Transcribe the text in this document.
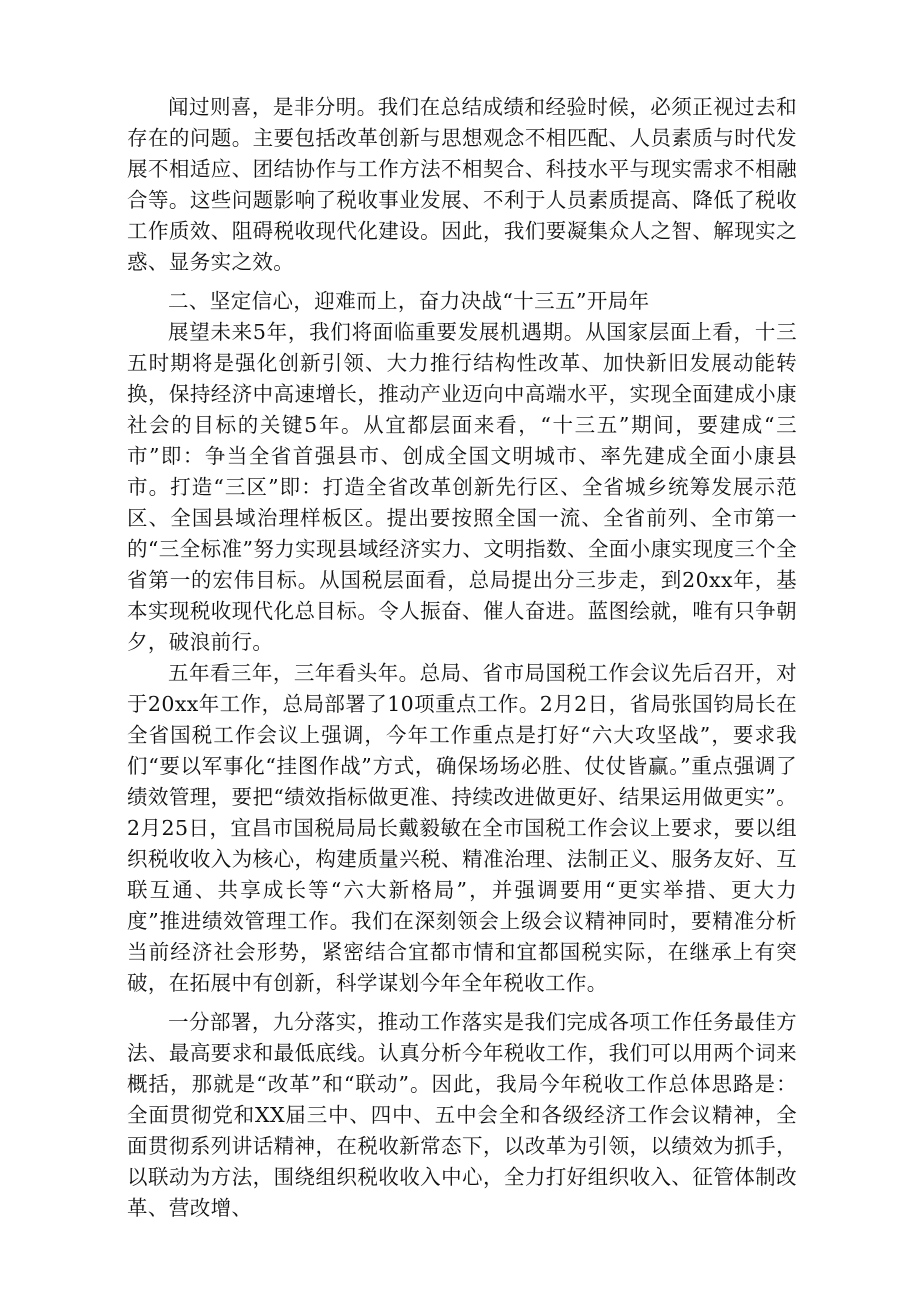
闻过则喜，是非分明。我们在总结成绩和经验时候，必须正视过去和存在的问题。主要包括改革创新与思想观念不相匹配、人员素质与时代发展不相适应、团结协作与工作方法不相契合、科技水平与现实需求不相融合等。这些问题影响了税收事业发展、不利于人员素质提高、降低了税收工作质效、阻碍税收现代化建设。因此，我们要凝集众人之智、解现实之惑、显务实之效。

二、坚定信心，迎难而上，奋力决战“十三五”开局年

展望未来5年，我们将面临重要发展机遇期。从国家层面上看，十三五时期将是强化创新引领、大力推行结构性改革、加快新旧发展动能转换，保持经济中高速增长，推动产业迈向中高端水平，实现全面建成小康社会的目标的关键5年。从宜都层面来看，“十三五”期间，要建成“三市”即：争当全省首强县市、创成全国文明城市、率先建成全面小康县市。打造“三区”即：打造全省改革创新先行区、全省城乡统筹发展示范区、全国县域治理样板区。提出要按照全国一流、全省前列、全市第一的“三全标准”努力实现县域经济实力、文明指数、全面小康实现度三个全省第一的宏伟目标。从国税层面看，总局提出分三步走，到20xx年，基本实现税收现代化总目标。令人振奋、催人奋进。蓝图绘就，唯有只争朝夕，破浪前行。

五年看三年，三年看头年。总局、省市局国税工作会议先后召开，对于20xx年工作，总局部署了10项重点工作。2月2日，省局张国钧局长在全省国税工作会议上强调，今年工作重点是打好“六大攻坚战”，要求我们“要以军事化“挂图作战”方式，确保场场必胜、仗仗皆赢。”重点强调了绩效管理，要把“绩效指标做更准、持续改进做更好、结果运用做更实”。2月25日，宜昌市国税局局长戴毅敏在全市国税工作会议上要求，要以组织税收收入为核心，构建质量兴税、精准治理、法制正义、服务友好、互联互通、共享成长等“六大新格局”，并强调要用“更实举措、更大力度”推进绩效管理工作。我们在深刻领会上级会议精神同时，要精准分析当前经济社会形势，紧密结合宜都市情和宜都国税实际，在继承上有突破，在拓展中有创新，科学谋划今年全年税收工作。

一分部署，九分落实，推动工作落实是我们完成各项工作任务最佳方法、最高要求和最低底线。认真分析今年税收工作，我们可以用两个词来概括，那就是“改革”和“联动”。因此，我局今年税收工作总体思路是：全面贯彻党和XX届三中、四中、五中会全和各级经济工作会议精神，全面贯彻系列讲话精神，在税收新常态下，以改革为引领，以绩效为抓手，以联动为方法，围绕组织税收收入中心，全力打好组织收入、征管体制改革、营改增、
